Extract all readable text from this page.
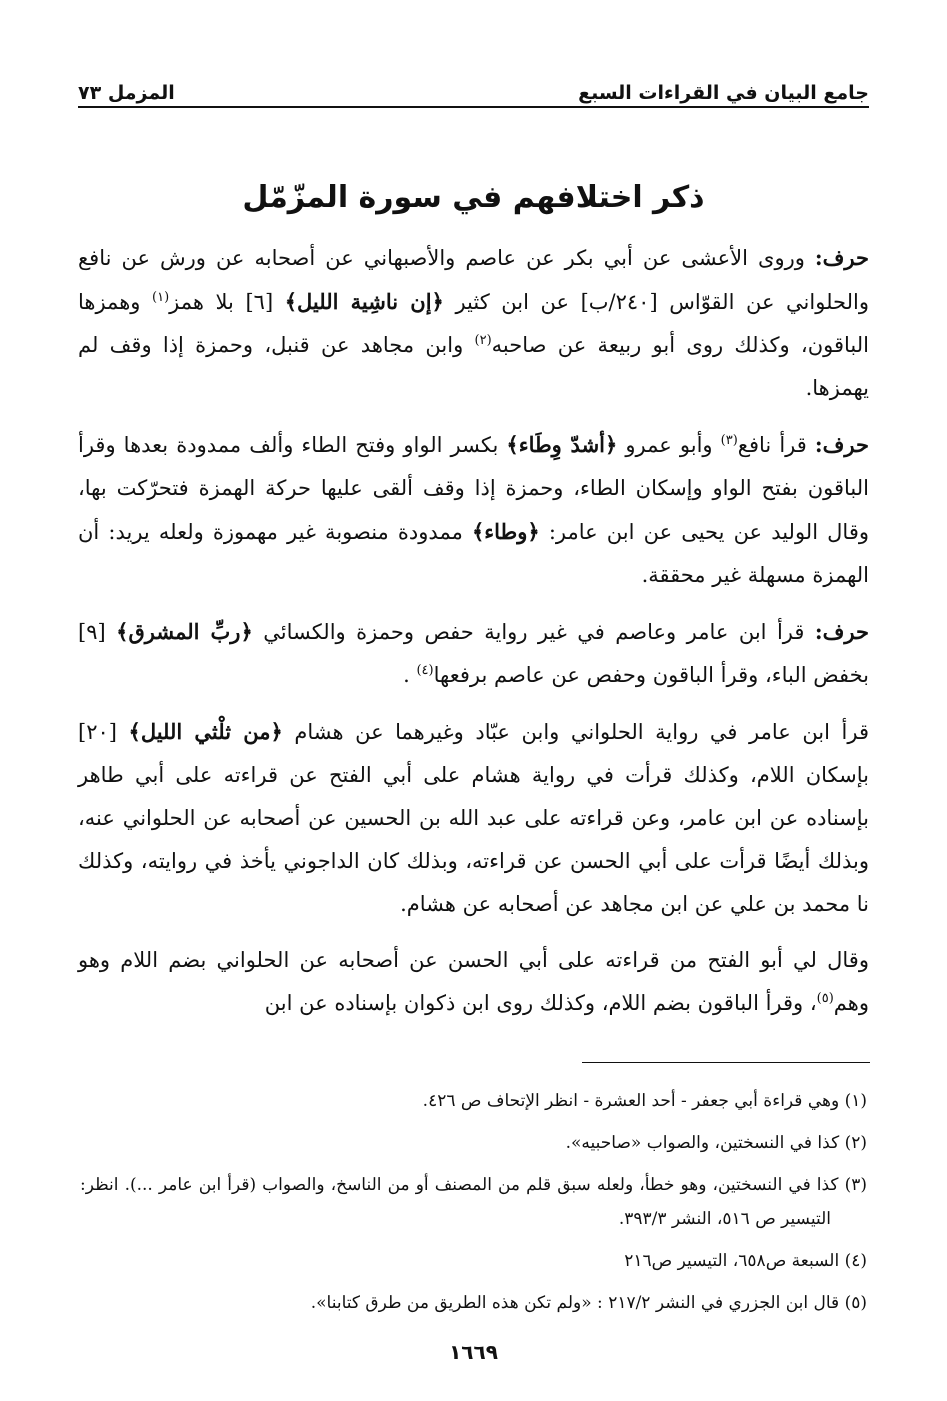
جامع البيان في القراءات السبع
المزمل ٧٣
ذكر اختلافهم في سورة المزّمّل

حرف: وروى الأعشى عن أبي بكر عن عاصم والأصبهاني عن أصحابه عن ورش عن نافع والحلواني عن القوّاس [٢٤٠/ب] عن ابن كثير ﴿إن ناشِية الليل﴾ [٦] بلا همز$^{(١)}$ وهمزها الباقون، وكذلك روى أبو ربيعة عن صاحبه$^{(٢)}$ وابن مجاهد عن قنبل، وحمزة إذا وقف لم يهمزها.

حرف: قرأ نافع$^{(٣)}$ وأبو عمرو ﴿أشدّ وِطَاء﴾ بكسر الواو وفتح الطاء وألف ممدودة بعدها وقرأ الباقون بفتح الواو وإسكان الطاء، وحمزة إذا وقف ألقى عليها حركة الهمزة فتحرّكت بها، وقال الوليد عن يحيى عن ابن عامر: ﴿وطاء﴾ ممدودة منصوبة غير مهموزة ولعله يريد: أن الهمزة مسهلة غير محققة.

حرف: قرأ ابن عامر وعاصم في غير رواية حفص وحمزة والكسائي ﴿ربِّ المشرق﴾ [٩] بخفض الباء، وقرأ الباقون وحفص عن عاصم برفعها$^{(٤)}$ .

قرأ ابن عامر في رواية الحلواني وابن عبّاد وغيرهما عن هشام ﴿من ثلْثي الليل﴾ [٢٠] بإسكان اللام، وكذلك قرأت في رواية هشام على أبي الفتح عن قراءته على أبي طاهر بإسناده عن ابن عامر، وعن قراءته على عبد الله بن الحسين عن أصحابه عن الحلواني عنه، وبذلك أيضًا قرأت على أبي الحسن عن قراءته، وبذلك كان الداجوني يأخذ في روايته، وكذلك نا محمد بن علي عن ابن مجاهد عن أصحابه عن هشام.

وقال لي أبو الفتح من قراءته على أبي الحسن عن أصحابه عن الحلواني بضم اللام وهو وهم$^{(٥)}$، وقرأ الباقون بضم اللام، وكذلك روى ابن ذكوان بإسناده عن ابن

(١) وهي قراءة أبي جعفر - أحد العشرة - انظر الإتحاف ص ٤٢٦.

(٢) كذا في النسختين، والصواب «صاحبيه».

(٣) كذا في النسختين، وهو خطأ، ولعله سبق قلم من المصنف أو من الناسخ، والصواب (قرأ ابن عامر ...). انظر: التيسير ص ٥١٦، النشر ٣٩٣/٣.

(٤) السبعة ص٦٥٨، التيسير ص٢١٦

(٥) قال ابن الجزري في النشر ٢١٧/٢ : «ولم تكن هذه الطريق من طرق كتابنا».

١٦٦٩
